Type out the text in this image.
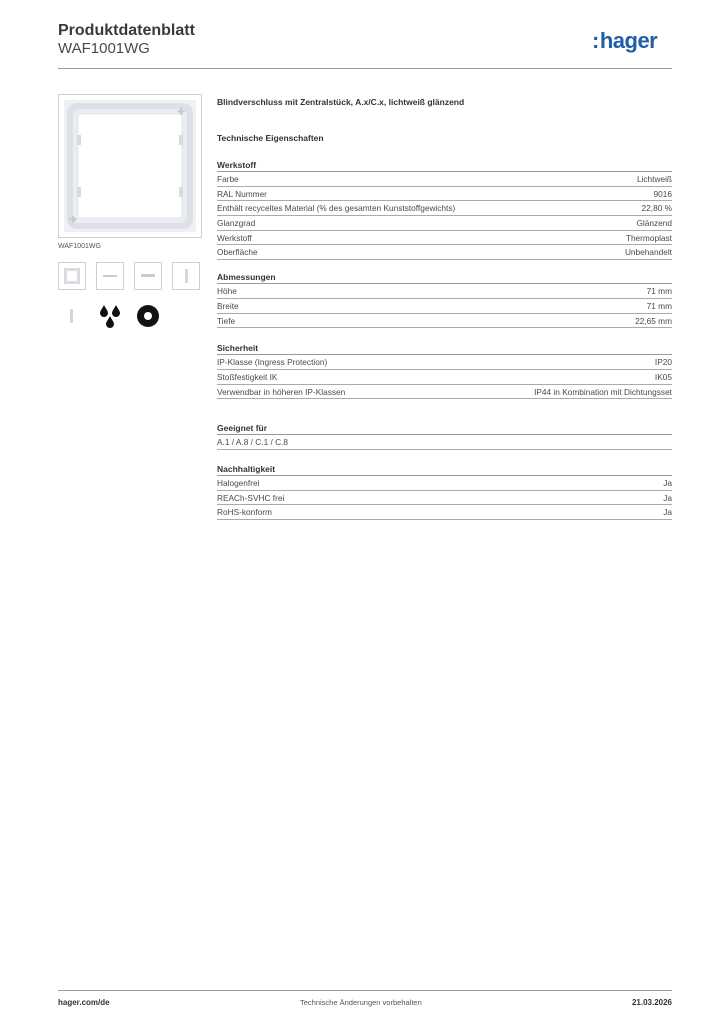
Produktdatenblatt
WAF1001WG	:hager
✚
✚
WAF1001WG
Blindverschluss mit Zentralstück, A.x/C.x, lichtweiß glänzend
Technische Eigenschaften
Werkstoff
Farbe	Lichtweiß
RAL Nummer	9016
Enthält recyceltes Material (% des gesamten Kunststoffgewichts)	22,80 %
Glanzgrad	Glänzend
Werkstoff	Thermoplast
Oberfläche	Unbehandelt
Abmessungen
Höhe	71 mm
Breite	71 mm
Tiefe	22,65 mm
Sicherheit
IP-Klasse (Ingress Protection)	IP20
Stoßfestigkeit IK	IK05
Verwendbar in höheren IP-Klassen	IP44 in Kombination mit Dichtungsset
Geeignet für
A.1 / A.8 / C.1 / C.8
Nachhaltigkeit
Halogenfrei	Ja
REACh-SVHC frei	Ja
RoHS-konform	Ja
hager.com/de	Technische Änderungen vorbehalten	21.03.2026
